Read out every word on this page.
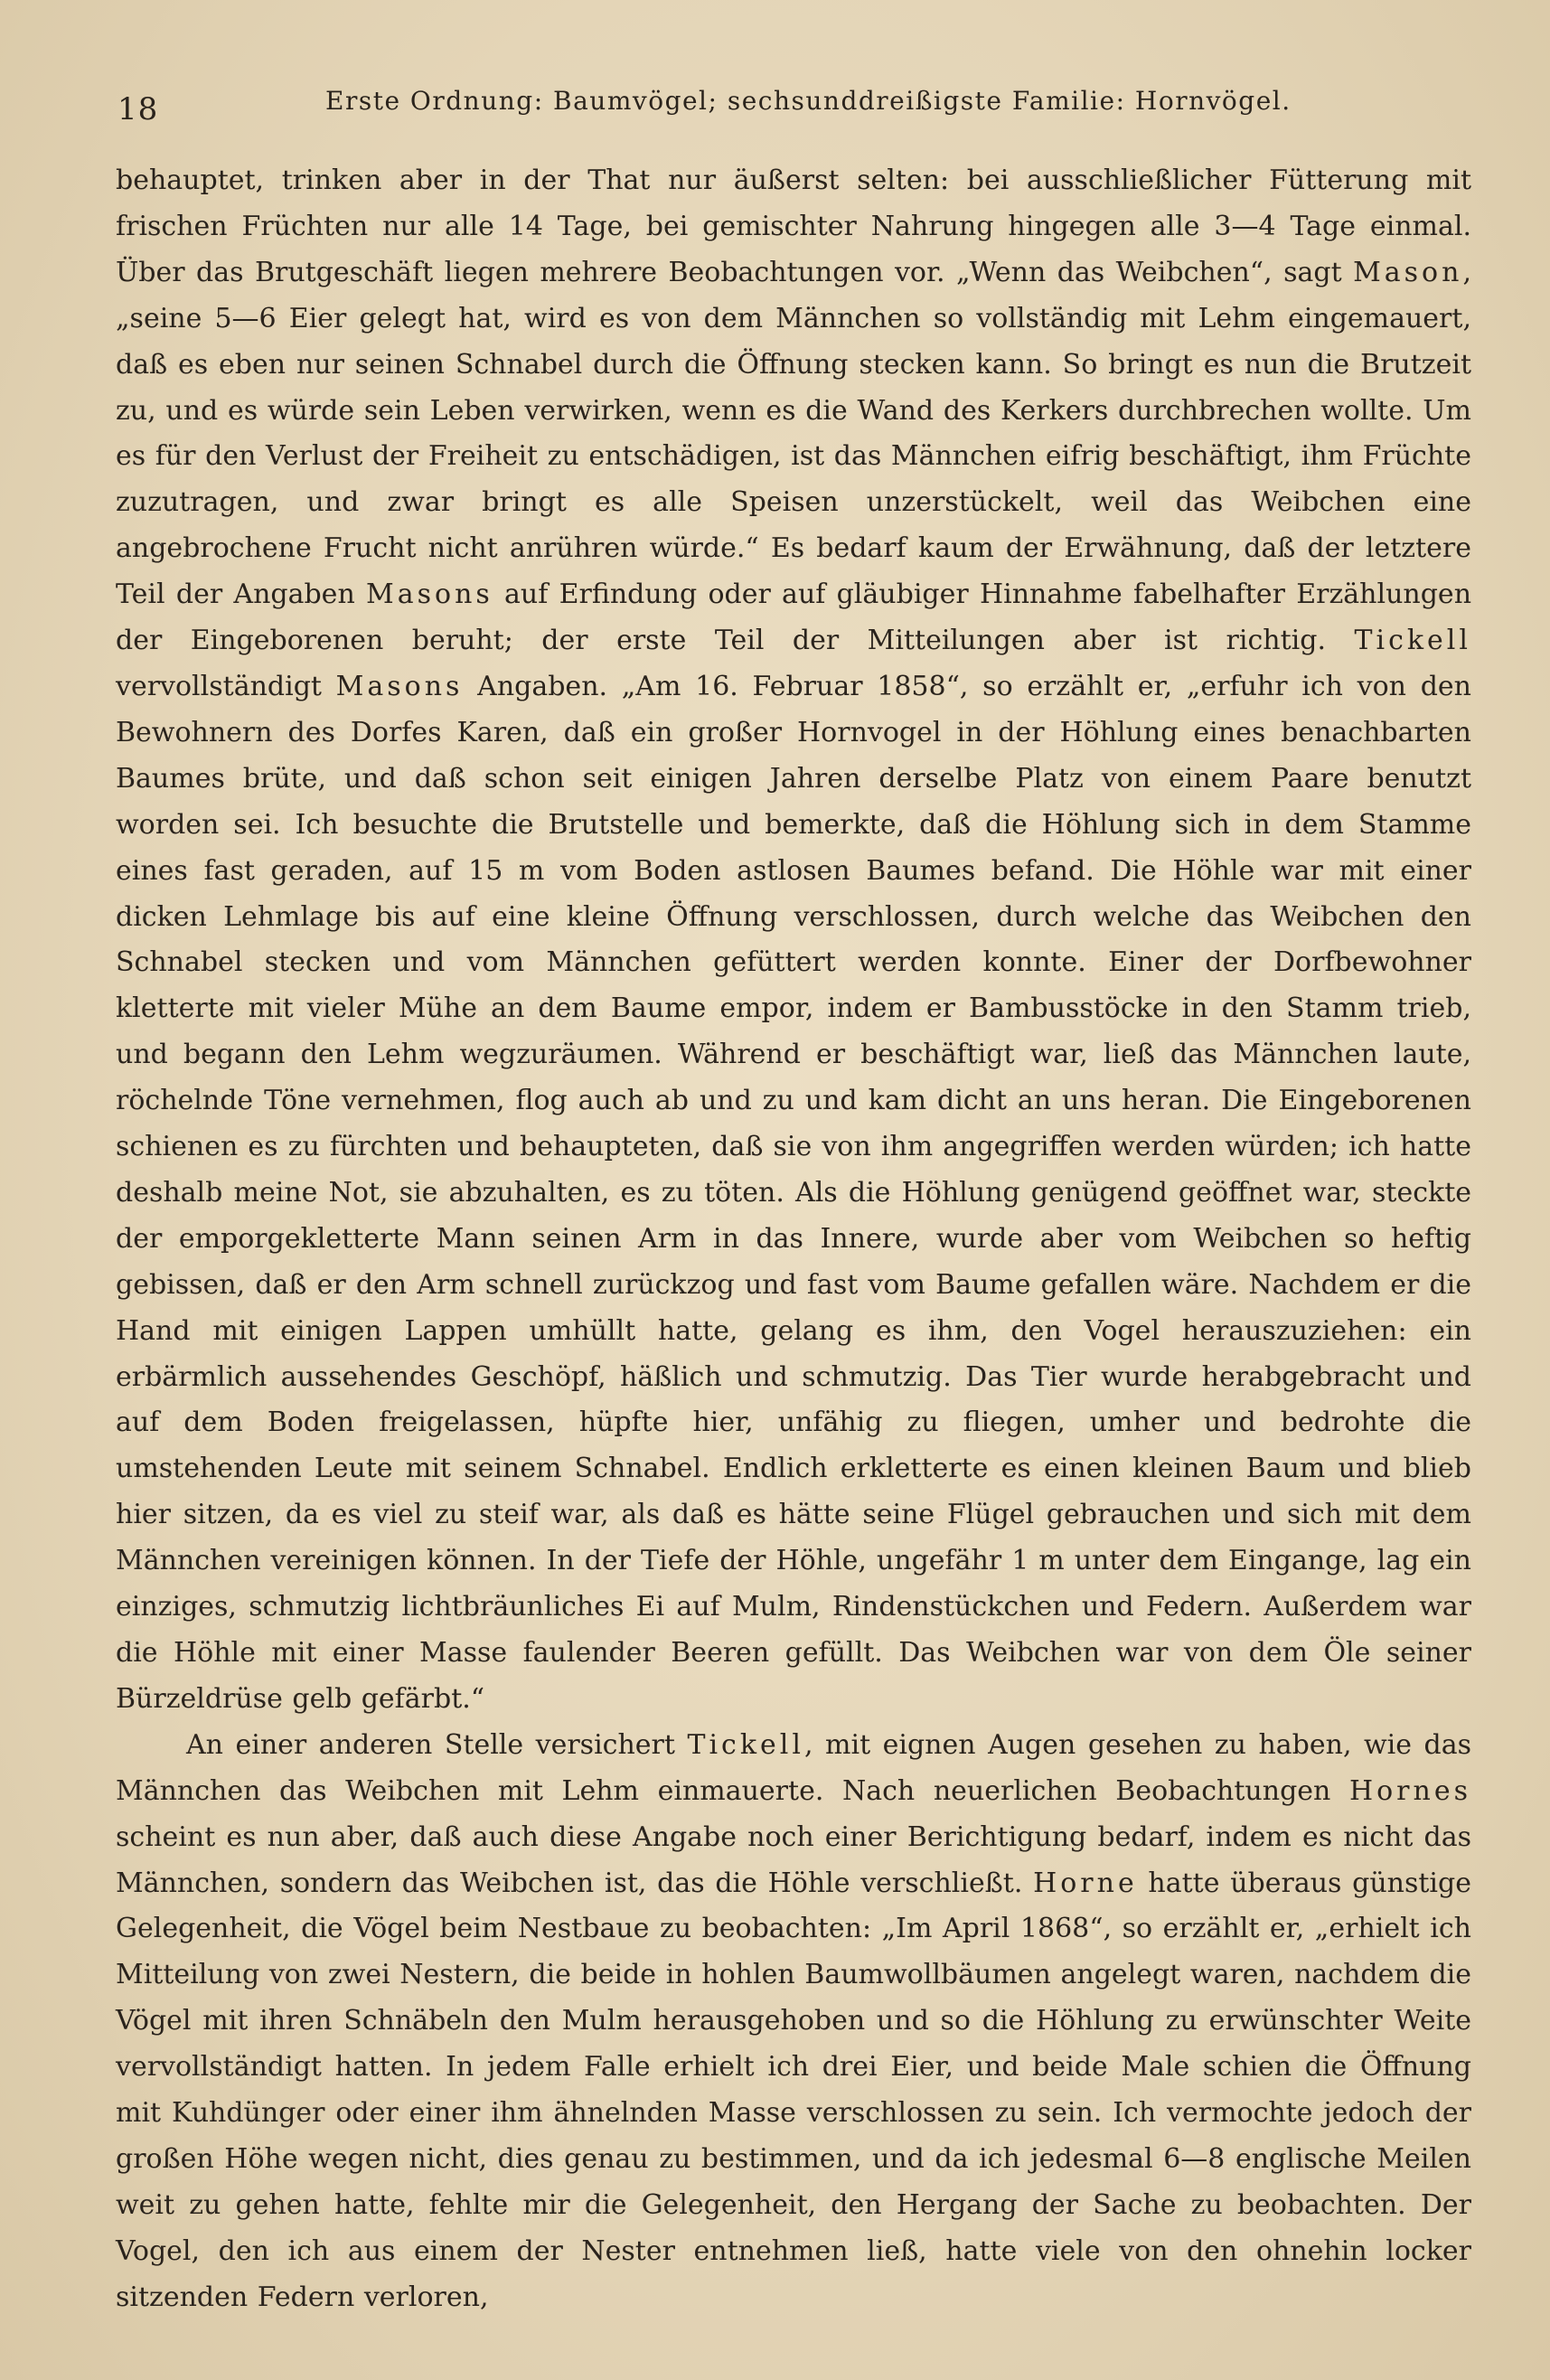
18	Erste Ordnung: Baumvögel; sechsunddreißigste Familie: Hornvögel.

behauptet, trinken aber in der That nur äußerst selten: bei ausschließlicher Fütterung mit frischen Früchten nur alle 14 Tage, bei gemischter Nahrung hingegen alle 3—4 Tage einmal. Über das Brutgeschäft liegen mehrere Beobachtungen vor. „Wenn das Weibchen“, sagt Mason, „seine 5—6 Eier gelegt hat, wird es von dem Männchen so vollständig mit Lehm eingemauert, daß es eben nur seinen Schnabel durch die Öffnung stecken kann. So bringt es nun die Brutzeit zu, und es würde sein Leben verwirken, wenn es die Wand des Kerkers durchbrechen wollte. Um es für den Verlust der Freiheit zu entschädigen, ist das Männchen eifrig beschäftigt, ihm Früchte zuzutragen, und zwar bringt es alle Speisen unzerstückelt, weil das Weibchen eine angebrochene Frucht nicht anrühren würde.“ Es bedarf kaum der Erwähnung, daß der letztere Teil der Angaben Masons auf Erfindung oder auf gläubiger Hinnahme fabelhafter Erzählungen der Eingeborenen beruht; der erste Teil der Mitteilungen aber ist richtig. Tickell vervollständigt Masons Angaben. „Am 16. Februar 1858“, so erzählt er, „erfuhr ich von den Bewohnern des Dorfes Karen, daß ein großer Hornvogel in der Höhlung eines benachbarten Baumes brüte, und daß schon seit einigen Jahren derselbe Platz von einem Paare benutzt worden sei. Ich besuchte die Brutstelle und bemerkte, daß die Höhlung sich in dem Stamme eines fast geraden, auf 15 m vom Boden astlosen Baumes befand. Die Höhle war mit einer dicken Lehmlage bis auf eine kleine Öffnung verschlossen, durch welche das Weibchen den Schnabel stecken und vom Männchen gefüttert werden konnte. Einer der Dorfbewohner kletterte mit vieler Mühe an dem Baume empor, indem er Bambusstöcke in den Stamm trieb, und begann den Lehm wegzuräumen. Während er beschäftigt war, ließ das Männchen laute, röchelnde Töne vernehmen, flog auch ab und zu und kam dicht an uns heran. Die Eingeborenen schienen es zu fürchten und behaupteten, daß sie von ihm angegriffen werden würden; ich hatte deshalb meine Not, sie abzuhalten, es zu töten. Als die Höhlung genügend geöffnet war, steckte der emporgekletterte Mann seinen Arm in das Innere, wurde aber vom Weibchen so heftig gebissen, daß er den Arm schnell zurückzog und fast vom Baume gefallen wäre. Nachdem er die Hand mit einigen Lappen umhüllt hatte, gelang es ihm, den Vogel herauszuziehen: ein erbärmlich aussehendes Geschöpf, häßlich und schmutzig. Das Tier wurde herabgebracht und auf dem Boden freigelassen, hüpfte hier, unfähig zu fliegen, umher und bedrohte die umstehenden Leute mit seinem Schnabel. Endlich erkletterte es einen kleinen Baum und blieb hier sitzen, da es viel zu steif war, als daß es hätte seine Flügel gebrauchen und sich mit dem Männchen vereinigen können. In der Tiefe der Höhle, ungefähr 1 m unter dem Eingange, lag ein einziges, schmutzig lichtbräunliches Ei auf Mulm, Rindenstückchen und Federn. Außerdem war die Höhle mit einer Masse faulender Beeren gefüllt. Das Weibchen war von dem Öle seiner Bürzeldrüse gelb gefärbt.“

An einer anderen Stelle versichert Tickell, mit eignen Augen gesehen zu haben, wie das Männchen das Weibchen mit Lehm einmauerte. Nach neuerlichen Beobachtungen Hornes scheint es nun aber, daß auch diese Angabe noch einer Berichtigung bedarf, indem es nicht das Männchen, sondern das Weibchen ist, das die Höhle verschließt. Horne hatte überaus günstige Gelegenheit, die Vögel beim Nestbaue zu beobachten: „Im April 1868“, so erzählt er, „erhielt ich Mitteilung von zwei Nestern, die beide in hohlen Baumwollbäumen angelegt waren, nachdem die Vögel mit ihren Schnäbeln den Mulm herausgehoben und so die Höhlung zu erwünschter Weite vervollständigt hatten. In jedem Falle erhielt ich drei Eier, und beide Male schien die Öffnung mit Kuhdünger oder einer ihm ähnelnden Masse verschlossen zu sein. Ich vermochte jedoch der großen Höhe wegen nicht, dies genau zu bestimmen, und da ich jedesmal 6—8 englische Meilen weit zu gehen hatte, fehlte mir die Gelegenheit, den Hergang der Sache zu beobachten. Der Vogel, den ich aus einem der Nester entnehmen ließ, hatte viele von den ohnehin locker sitzenden Federn verloren,
